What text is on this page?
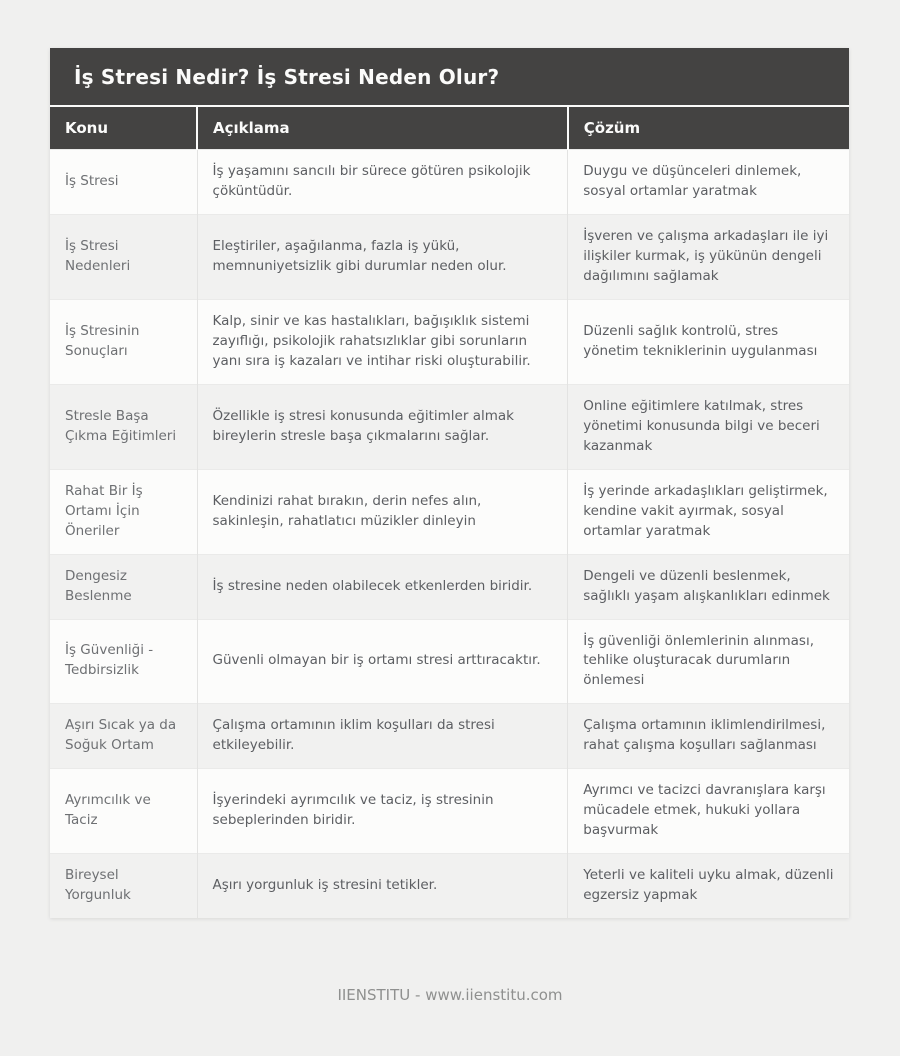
İş Stresi Nedir? İş Stresi Neden Olur?
Konu	Açıklama	Çözüm
İş Stresi	İş yaşamını sancılı bir sürece götüren psikolojik çöküntüdür.	Duygu ve düşünceleri dinlemek, sosyal ortamlar yaratmak
İş Stresi Nedenleri	Eleştiriler, aşağılanma, fazla iş yükü, memnuniyetsizlik gibi durumlar neden olur.	İşveren ve çalışma arkadaşları ile iyi ilişkiler kurmak, iş yükünün dengeli dağılımını sağlamak
İş Stresinin Sonuçları	Kalp, sinir ve kas hastalıkları, bağışıklık sistemi zayıflığı, psikolojik rahatsızlıklar gibi sorunların yanı sıra iş kazaları ve intihar riski oluşturabilir.	Düzenli sağlık kontrolü, stres yönetim tekniklerinin uygulanması
Stresle Başa Çıkma Eğitimleri	Özellikle iş stresi konusunda eğitimler almak bireylerin stresle başa çıkmalarını sağlar.	Online eğitimlere katılmak, stres yönetimi konusunda bilgi ve beceri kazanmak
Rahat Bir İş Ortamı İçin Öneriler	Kendinizi rahat bırakın, derin nefes alın, sakinleşin, rahatlatıcı müzikler dinleyin	İş yerinde arkadaşlıkları geliştirmek, kendine vakit ayırmak, sosyal ortamlar yaratmak
Dengesiz Beslenme	İş stresine neden olabilecek etkenlerden biridir.	Dengeli ve düzenli beslenmek, sağlıklı yaşam alışkanlıkları edinmek
İş Güvenliği - Tedbirsizlik	Güvenli olmayan bir iş ortamı stresi arttıracaktır.	İş güvenliği önlemlerinin alınması, tehlike oluşturacak durumların önlemesi
Aşırı Sıcak ya da Soğuk Ortam	Çalışma ortamının iklim koşulları da stresi etkileyebilir.	Çalışma ortamının iklimlendirilmesi, rahat çalışma koşulları sağlanması
Ayrımcılık ve Taciz	İşyerindeki ayrımcılık ve taciz, iş stresinin sebeplerinden biridir.	Ayrımcı ve tacizci davranışlara karşı mücadele etmek, hukuki yollara başvurmak
Bireysel Yorgunluk	Aşırı yorgunluk iş stresini tetikler.	Yeterli ve kaliteli uyku almak, düzenli egzersiz yapmak
IIENSTITU - www.iienstitu.com
